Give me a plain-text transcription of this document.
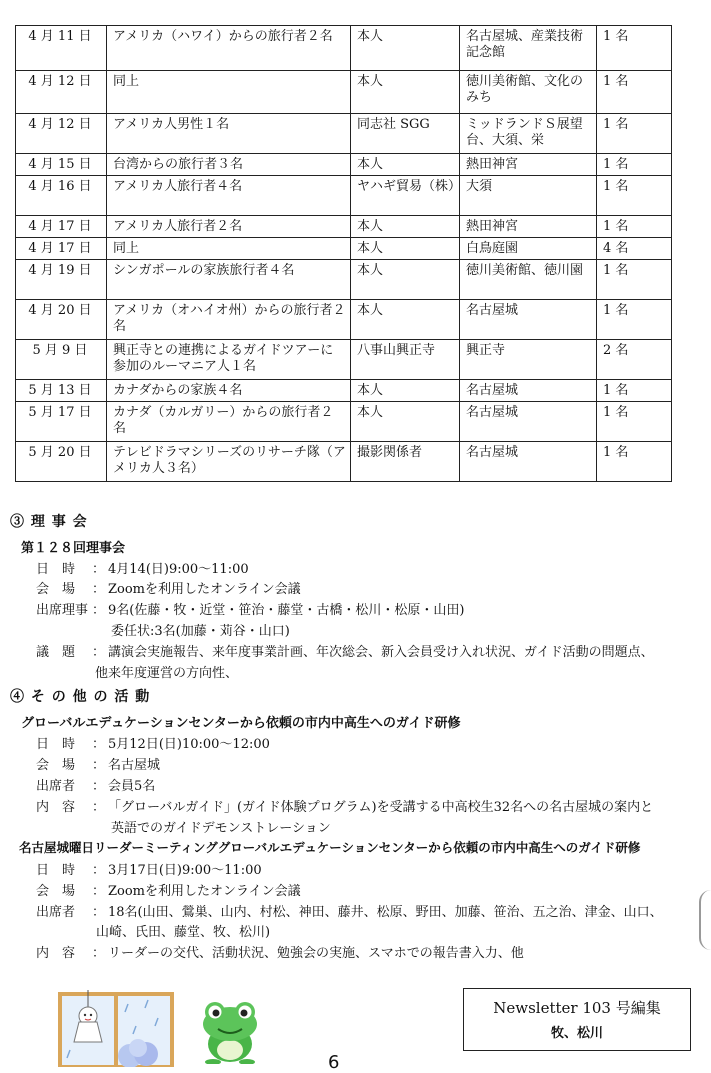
4 月 11 日	アメリカ（ハワイ）からの旅行者２名	本人	名古屋城、産業技術記念館	1 名
4 月 12 日	同上	本人	徳川美術館、文化のみち	1 名
4 月 12 日	アメリカ人男性１名	同志社 SGG	ミッドランドＳ展望台、大須、栄	1 名
4 月 15 日	台湾からの旅行者３名	本人	熱田神宮	1 名
4 月 16 日	アメリカ人旅行者４名	ヤハギ貿易（株）	大須	1 名
4 月 17 日	アメリカ人旅行者２名	本人	熱田神宮	1 名
4 月 17 日	同上	本人	白鳥庭園	4 名
4 月 19 日	シンガポールの家族旅行者４名	本人	徳川美術館、徳川園	1 名
4 月 20 日	アメリカ（オハイオ州）からの旅行者２名	本人	名古屋城	1 名
5 月 9 日	興正寺との連携によるガイドツアーに参加のルーマニア人１名	八事山興正寺	興正寺	2 名
5 月 13 日	カナダからの家族４名	本人	名古屋城	1 名
5 月 17 日	カナダ（カルガリー）からの旅行者２名	本人	名古屋城	1 名
5 月 20 日	テレビドラマシリーズのリサーチ隊（アメリカ人３名）	撮影関係者	名古屋城	1 名
③ 理 事 会
第１２８回理事会
日　時 ： 4月14(日)9:00～11:00
会　場 ： Zoomを利用したオンライン会議
出席理事 ： 9名(佐藤・牧・近堂・笹治・藤堂・古橋・松川・松原・山田)
委任状:3名(加藤・苅谷・山口)
議　題 ： 講演会実施報告、来年度事業計画、年次総会、新入会員受け入れ状況、ガイド活動の問題点、
他来年度運営の方向性、
④ そ の 他 の 活 動
グローバルエデュケーションセンターから依頼の市内中高生へのガイド研修
日　時 ： 5月12日(日)10:00～12:00
会　場 ： 名古屋城
出席者 ： 会員5名
内　容 ： 「グローバルガイド」(ガイド体験プログラム)を受講する中高校生32名への名古屋城の案内と
英語でのガイドデモンストレーション
名古屋城曜日リーダーミーティンググローバルエデュケーションセンターから依頼の市内中高生へのガイド研修
日　時 ： 3月17日(日)9:00～11:00
会　場 ： Zoomを利用したオンライン会議
出席者 ： 18名(山田、鶯巣、山内、村松、神田、藤井、松原、野田、加藤、笹治、五之治、津金、山口、
山崎、氏田、藤堂、牧、松川)
内　容 ： リーダーの交代、活動状況、勉強会の実施、スマホでの報告書入力、他
Newsletter 103 号編集
牧、松川
6
